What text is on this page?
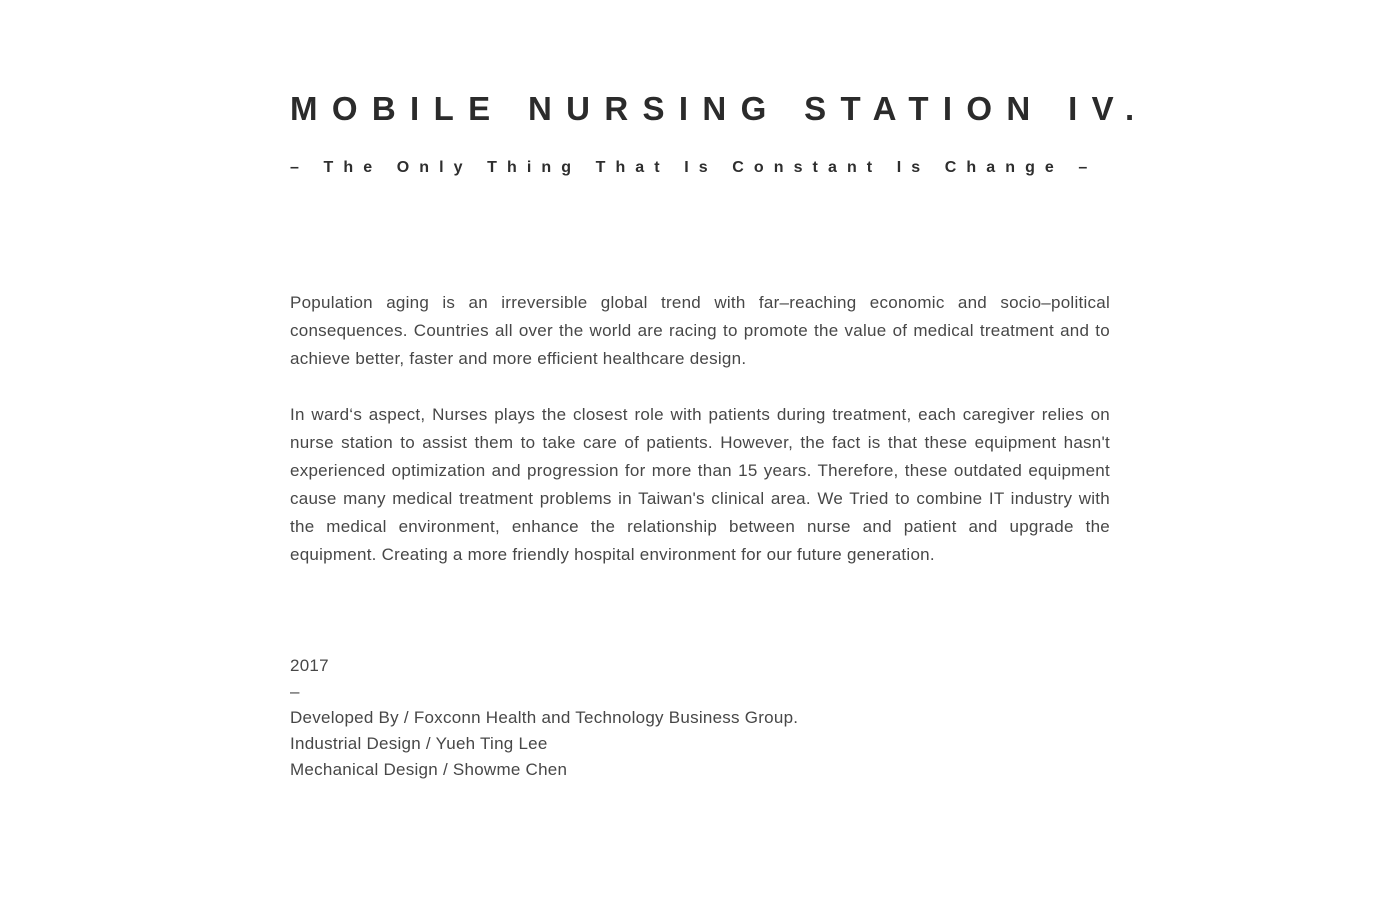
MOBILE NURSING STATION IV.
– The Only Thing That Is Constant Is Change –

Population aging is an irreversible global trend with far–reaching economic and socio–political consequences. Countries all over the world are racing to promote the value of medical treatment and to achieve better, faster and more efficient healthcare design.

In ward‘s aspect, Nurses plays the closest role with patients during treatment, each caregiver relies on nurse station to assist them to take care of patients. However, the fact is that these equipment hasn't experienced optimization and progression for more than 15 years. Therefore, these outdated equipment cause many medical treatment problems in Taiwan's clinical area. We Tried to combine IT industry with the medical environment, enhance the relationship between nurse and patient and upgrade the equipment. Creating a more friendly hospital environment for our future generation.

2017
–
Developed By / Foxconn Health and Technology Business Group.
Industrial Design / Yueh Ting Lee
Mechanical Design / Showme Chen
